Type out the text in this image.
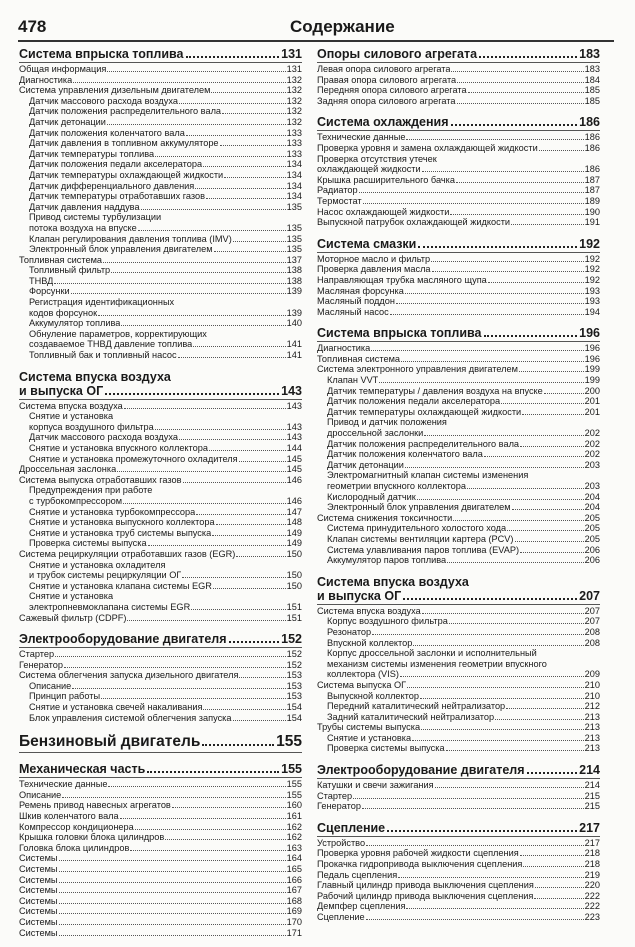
478	Содержание
Система впрыска топлива	131
Общая информация	131
Диагностика	132
Система управления дизельным двигателем	132
Датчик массового расхода воздуха	132
Датчик положения распределительного вала	132
Датчик детонации	132
Датчик положения коленчатого вала	133
Датчик давления в топливном аккумуляторе	133
Датчик температуры топлива	133
Датчик положения педали акселератора	134
Датчик температуры охлаждающей жидкости	134
Датчик дифференциального давления	134
Датчик температуры отработавших газов	134
Датчик давления наддува	135
Привод системы турбулизации
потока воздуха на впуске	135
Клапан регулирования давления топлива (IMV)	135
Электронный блок управления двигателем	135
Топливная система	137
Топливный фильтр	138
ТНВД	138
Форсунки	139
Регистрация идентификационных
кодов форсунок	139
Аккумулятор топлива	140
Обнуление параметров, корректирующих
создаваемое ТНВД давление топлива	141
Топливный бак и топливный насос	141
Система впуска воздуха
и выпуска ОГ	143
Система впуска воздуха	143
Снятие и установка
корпуса воздушного фильтра	143
Датчик массового расхода воздуха	143
Снятие и установка впускного коллектора	144
Снятие и установка промежуточного охладителя	145
Дроссельная заслонка	145
Система выпуска отработавших газов	146
Предупреждения при работе
с турбокомпрессором	146
Снятие и установка турбокомпрессора	147
Снятие и установка выпускного коллектора	148
Снятие и установка труб системы выпуска	149
Проверка системы выпуска	149
Система рециркуляции отработавших газов (EGR)	150
Снятие и установка охладителя
и трубок системы рециркуляции ОГ	150
Снятие и установка клапана системы EGR	150
Снятие и установка
электропневмоклапана системы EGR	151
Сажевый фильтр (CDPF)	151
Электрооборудование двигателя	152
Стартер	152
Генератор	152
Система облегчения запуска дизельного двигателя	153
Описание	153
Принцип работы	153
Снятие и установка свечей накаливания	154
Блок управления системой облегчения запуска	154
Бензиновый двигатель	155
Механическая часть	155
Технические данные	155
Описание	155
Ремень привод навесных агрегатов	160
Шкив коленчатого вала	161
Компрессор кондиционера	162
Крышка головки блока цилиндров	162
Головка блока цилиндров	163
Сиcтемы	164
Сиcтемы	165
Сиcтемы	166
Сиcтемы	167
Сиcтемы	168
Сиcтемы	169
Сиcтемы	170
Сиcтемы	171
Опоры силового агрегата	183
Левая опора силового агрегата	183
Правая опора силового агрегата	184
Передняя опора силового агрегата	185
Задняя опора силового агрегата	185
Система охлаждения	186
Технические данные	186
Проверка уровня и замена охлаждающей жидкости	186
Проверка отсутствия утечек
охлаждающей жидкости	186
Крышка расширительного бачка	187
Радиатор	187
Термостат	189
Насос охлаждающей жидкости	190
Выпускной патрубок охлаждающей жидкости	191
Система смазки	192
Моторное масло и фильтр	192
Проверка давления масла	192
Направляющая трубка масляного щупа	192
Масляная форсунка	193
Масляный поддон	193
Масляный насос	194
Система впрыска топлива	196
Диагностика	196
Топливная система	196
Система электронного управления двигателем	199
Клапан VVT	199
Датчик температуры / давления воздуха на впуске	200
Датчик положения педали акселератора	201
Датчик температуры охлаждающей жидкости	201
Привод и датчик положения
дроссельной заслонки	202
Датчик положения распределительного вала	202
Датчик положения коленчатого вала	202
Датчик детонации	203
Электромагнитный клапан системы изменения
геометрии впускного коллектора	203
Кислородный датчик	204
Электронный блок управления двигателем	204
Система снижения токсичности	205
Система принудительного холостого хода	205
Клапан системы вентиляции картера (PCV)	205
Система улавливания паров топлива (EVAP)	206
Аккумулятор паров топлива	206
Система впуска воздуха
и выпуска ОГ	207
Система впуска воздуха	207
Корпус воздушного фильтра	207
Резонатор	208
Впускной коллектор	208
Корпус дроссельной заслонки и исполнительный
механизм системы изменения геометрии впускного
коллектора (VIS)	209
Система выпуска ОГ	210
Выпускной коллектор	210
Передний каталитический нейтрализатор	212
Задний каталитический нейтрализатор	213
Трубы системы выпуска	213
Снятие и установка	213
Проверка системы выпуска	213
Электрооборудование двигателя	214
Катушки и свечи зажигания	214
Стартер	215
Генератор	215
Сцепление	217
Устройство	217
Проверка уровня рабочей жидкости сцепления	218
Прокачка гидропривода выключения сцепления	218
Педаль сцепления	219
Главный цилиндр привода выключения сцепления	220
Рабочий цилиндр привода выключения сцепления	222
Демпфер сцепления	222
Сцепление	223
